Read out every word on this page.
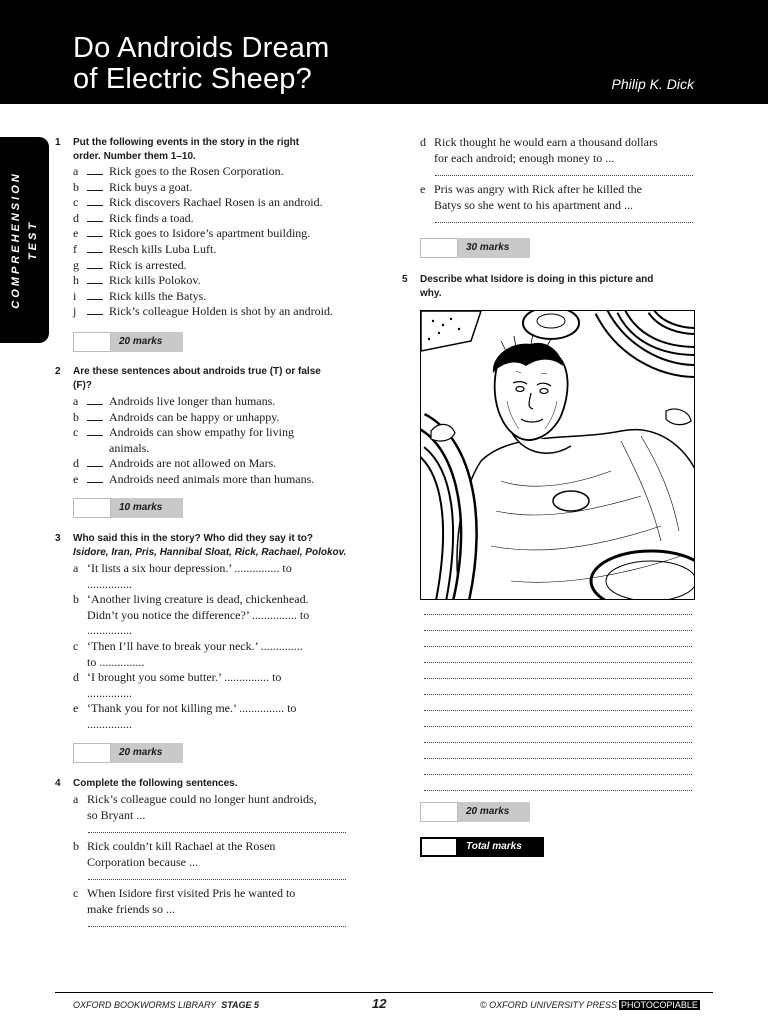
Do Androids Dream
of Electric Sheep?	Philip K. Dick
COMPREHENSION TEST
1 Put the following events in the story in the right
order. Number them 1–10.
a	Rick goes to the Rosen Corporation.
b	Rick buys a goat.
c	Rick discovers Rachael Rosen is an android.
d	Rick finds a toad.
e	Rick goes to Isidore’s apartment building.
f	Resch kills Luba Luft.
g	Rick is arrested.
h	Rick kills Polokov.
i	Rick kills the Batys.
j	Rick’s colleague Holden is shot by an android.
20 marks
2 Are these sentences about androids true (T) or false
(F)?
a	Androids live longer than humans.
b	Androids can be happy or unhappy.
c	Androids can show empathy for living
animals.
d	Androids are not allowed on Mars.
e	Androids need animals more than humans.
10 marks
3 Who said this in the story? Who did they say it to?
Isidore, Iran, Pris, Hannibal Sloat, Rick, Rachael, Polokov.
a ‘It lists a six hour depression.’ ............... to
...............
b ‘Another living creature is dead, chickenhead.
Didn’t you notice the difference?’ ............... to
...............
c ‘Then I’ll have to break your neck.’ ..............
to ...............
d ‘I brought you some butter.’ ............... to
...............
e ‘Thank you for not killing me.’ ............... to
...............
20 marks
4 Complete the following sentences.
a Rick’s colleague could no longer hunt androids,
so Bryant ...
b Rick couldn’t kill Rachael at the Rosen
Corporation because ...
c When Isidore first visited Pris he wanted to
make friends so ...
d Rick thought he would earn a thousand dollars
for each android; enough money to ...
e Pris was angry with Rick after he killed the
Batys so she went to his apartment and ...
30 marks
5 Describe what Isidore is doing in this picture and
why.
20 marks
Total marks
OXFORD BOOKWORMS LIBRARY STAGE 5	12	© OXFORD UNIVERSITY PRESS PHOTOCOPIABLE
